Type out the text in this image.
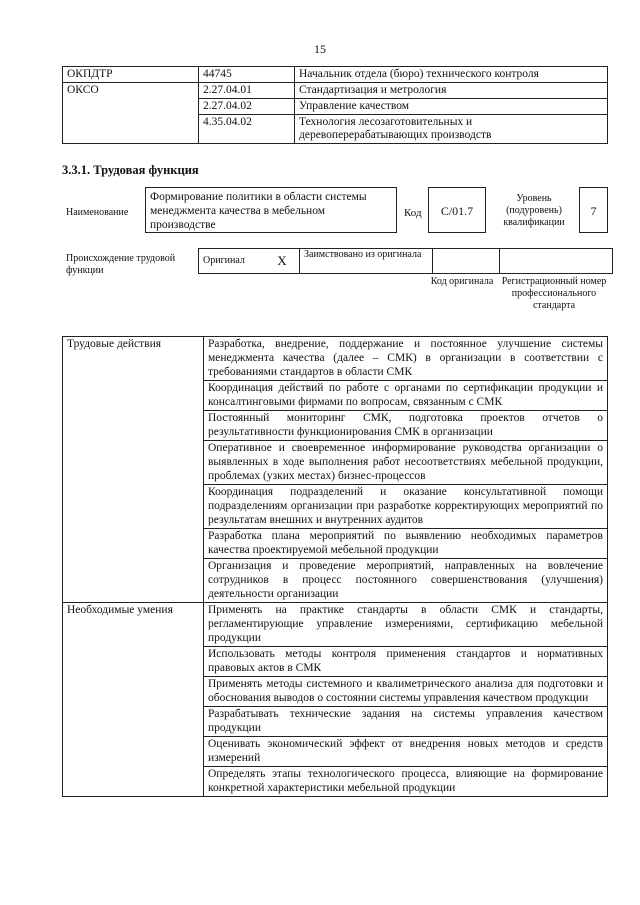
15
ОКПДТР	44745	Начальник отдела (бюро) технического контроля
ОКСО	2.27.04.01	Стандартизация и метрология
	2.27.04.02	Управление качеством
	4.35.04.02	Технология лесозаготовительных и деревоперерабатывающих производств
3.3.1. Трудовая функция
Наименование
Формирование политики в области системы менеджмента качества в мебельном производстве
Код	C/01.7
Уровень (подуровень) квалификации
7
Происхождение трудовой функции
Оригинал	X	Заимствовано из оригинала		
Код оригинала Регистрационный номер профессионального стандарта
Трудовые действия	Разработка, внедрение, поддержание и постоянное улучшение системы менеджмента качества (далее – СМК) в организации в соответствии с требованиями стандартов в области СМК
	Координация действий по работе с органами по сертификации продукции и консалтинговыми фирмами по вопросам, связанным с СМК
	Постоянный мониторинг СМК, подготовка проектов отчетов о результативности функционирования СМК в организации
	Оперативное и своевременное информирование руководства организации о выявленных в ходе выполнения работ несоответствиях мебельной продукции, проблемах (узких местах) бизнес-процессов
	Координация подразделений и оказание консультативной помощи подразделениям организации при разработке корректирующих мероприятий по результатам внешних и внутренних аудитов
	Разработка плана мероприятий по выявлению необходимых параметров качества проектируемой мебельной продукции
	Организация и проведение мероприятий, направленных на вовлечение сотрудников в процесс постоянного совершенствования (улучшения) деятельности организации
Необходимые умения	Применять на практике стандарты в области СМК и стандарты, регламентирующие управление измерениями, сертификацию мебельной продукции
	Использовать методы контроля применения стандартов и нормативных правовых актов в СМК
	Применять методы системного и квалиметрического анализа для подготовки и обоснования выводов о состоянии системы управления качеством продукции
	Разрабатывать технические задания на системы управления качеством продукции
	Оценивать экономический эффект от внедрения новых методов и средств измерений
	Определять этапы технологического процесса, влияющие на формирование конкретной характеристики мебельной продукции
